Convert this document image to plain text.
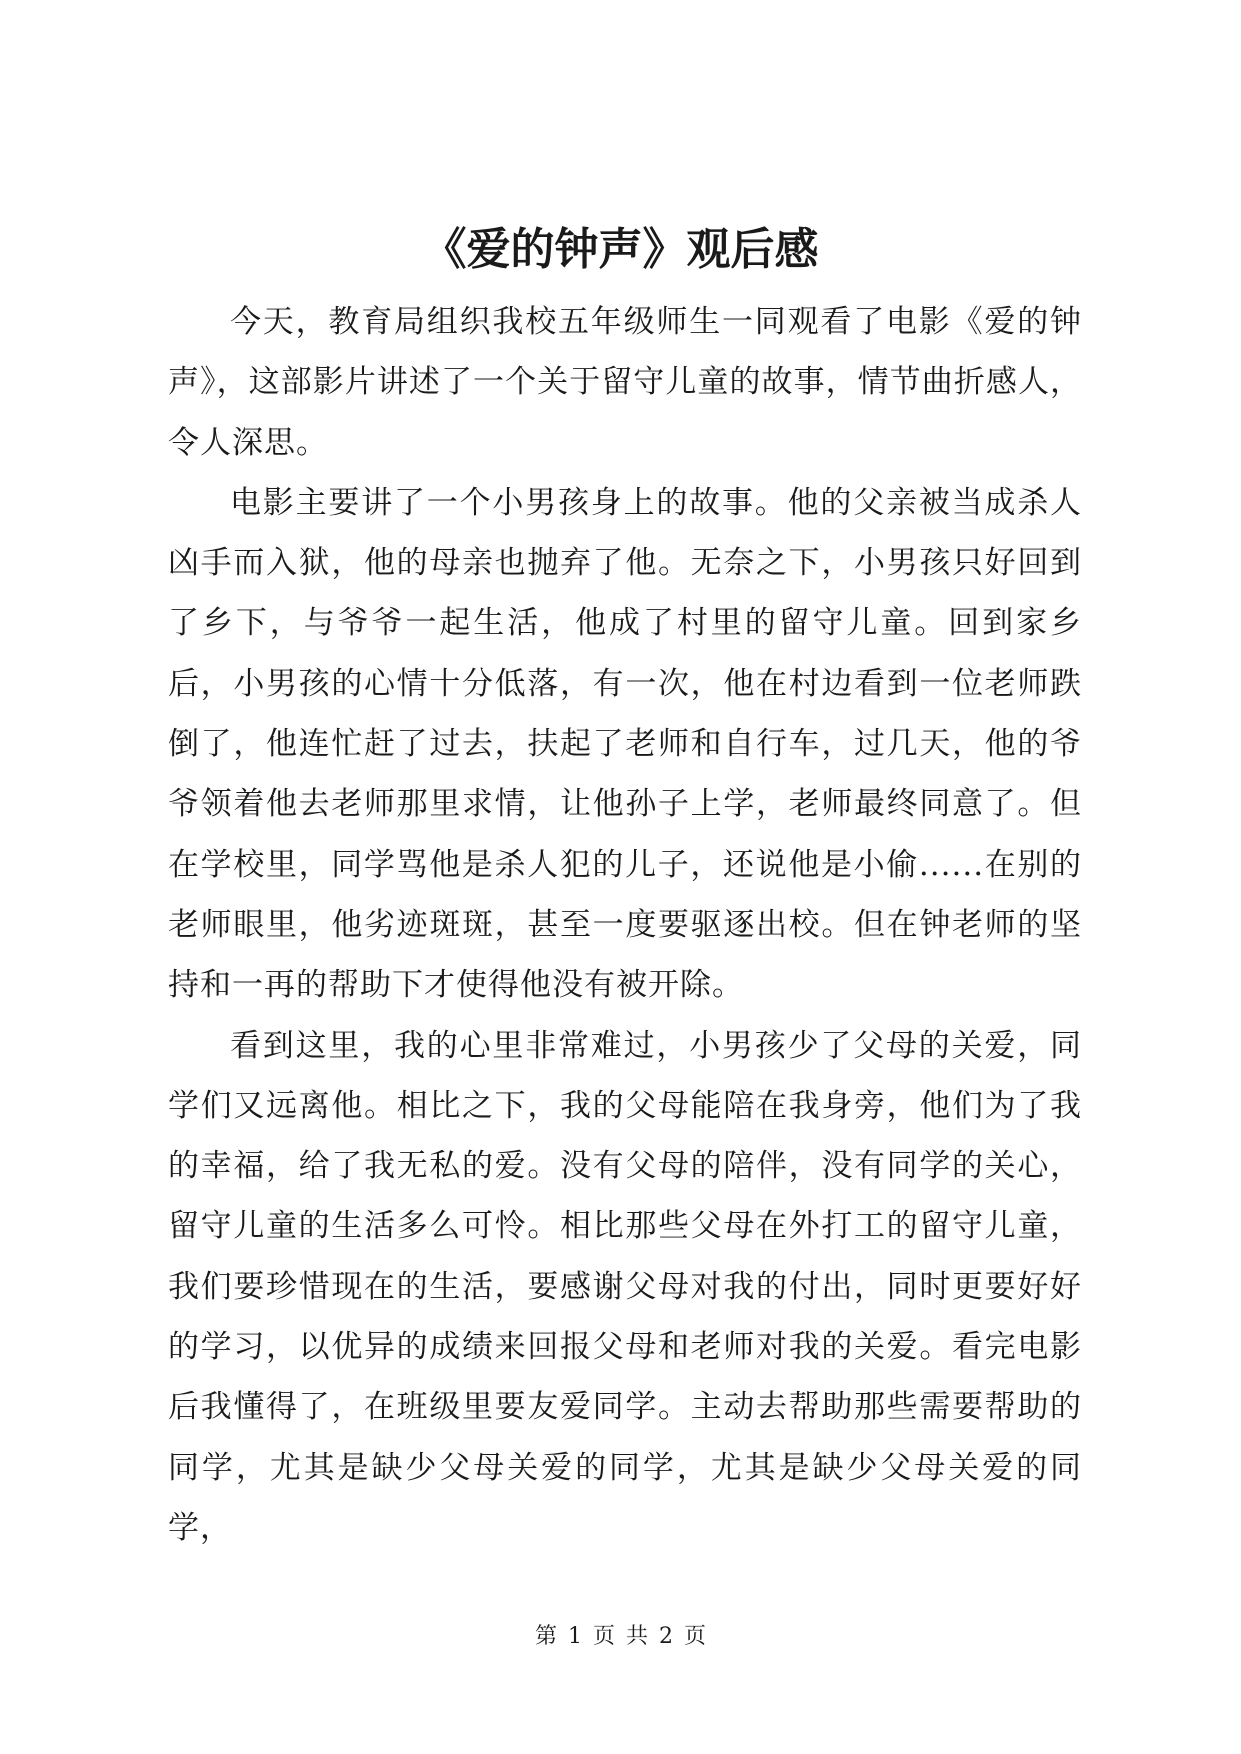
《爱的钟声》观后感

今天，教育局组织我校五年级师生一同观看了电影《爱的钟声》，这部影片讲述了一个关于留守儿童的故事，情节曲折感人，令人深思。

电影主要讲了一个小男孩身上的故事。他的父亲被当成杀人凶手而入狱，他的母亲也抛弃了他。无奈之下，小男孩只好回到了乡下，与爷爷一起生活，他成了村里的留守儿童。回到家乡后，小男孩的心情十分低落，有一次，他在村边看到一位老师跌倒了，他连忙赶了过去，扶起了老师和自行车，过几天，他的爷爷领着他去老师那里求情，让他孙子上学，老师最终同意了。但在学校里，同学骂他是杀人犯的儿子，还说他是小偷......在别的老师眼里，他劣迹斑斑，甚至一度要驱逐出校。但在钟老师的坚持和一再的帮助下才使得他没有被开除。

看到这里，我的心里非常难过，小男孩少了父母的关爱，同学们又远离他。相比之下，我的父母能陪在我身旁，他们为了我的幸福，给了我无私的爱。没有父母的陪伴，没有同学的关心，留守儿童的生活多么可怜。相比那些父母在外打工的留守儿童，我们要珍惜现在的生活，要感谢父母对我的付出，同时更要好好的学习，以优异的成绩来回报父母和老师对我的关爱。看完电影后我懂得了，在班级里要友爱同学。主动去帮助那些需要帮助的同学，尤其是缺少父母关爱的同学，尤其是缺少父母关爱的同学，

第 1 页 共 2 页
